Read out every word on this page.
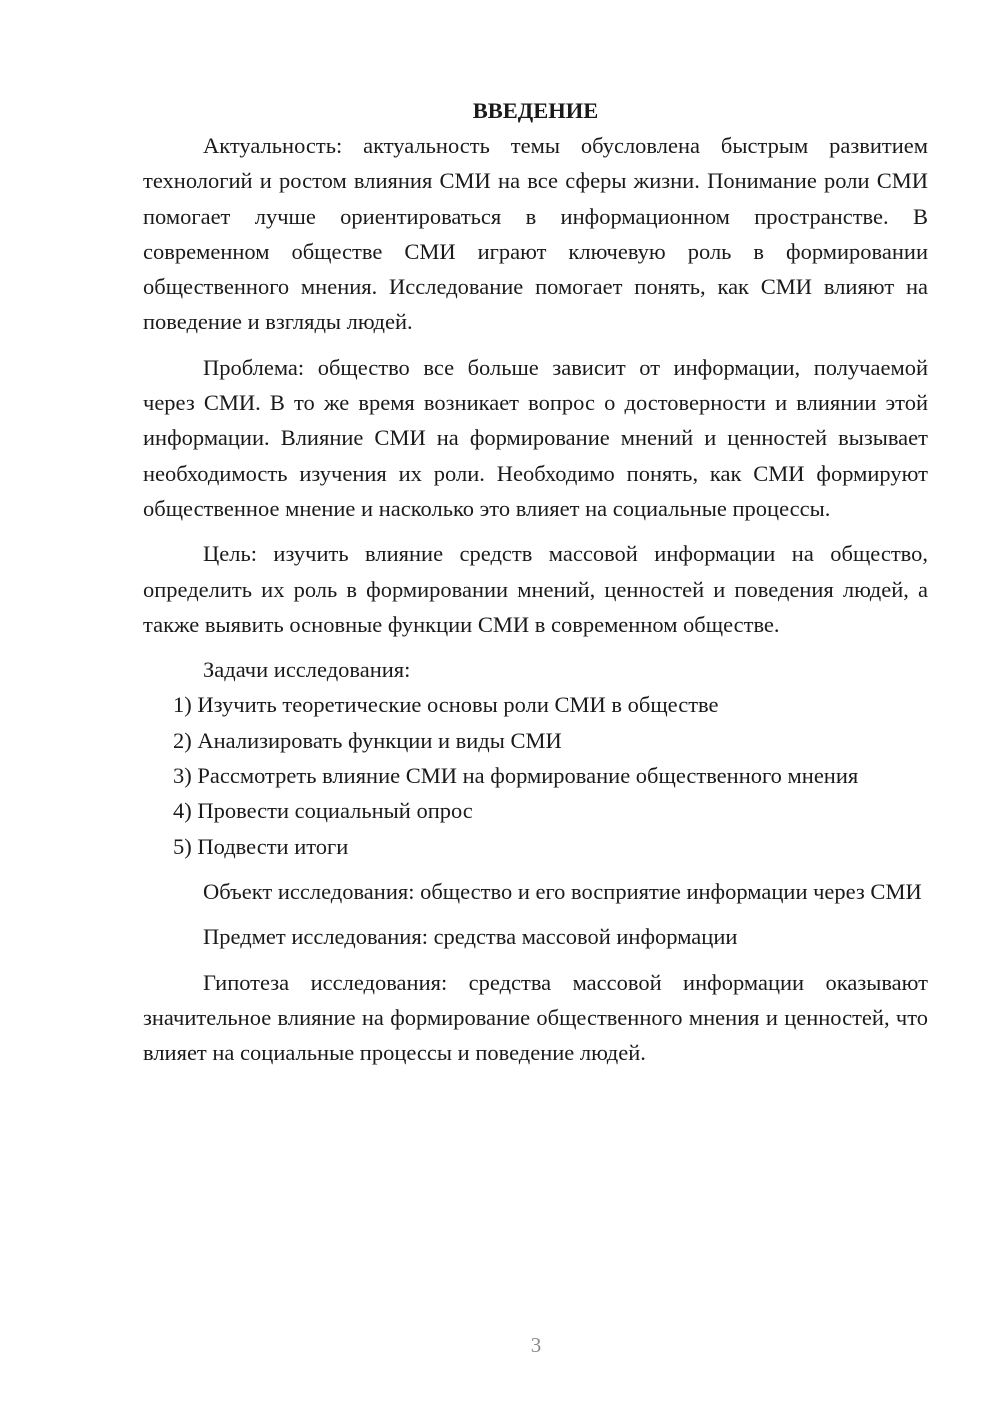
ВВЕДЕНИЕ

Актуальность: актуальность темы обусловлена быстрым развитием технологий и ростом влияния СМИ на все сферы жизни. Понимание роли СМИ помогает лучше ориентироваться в информационном пространстве. В современном обществе СМИ играют ключевую роль в формировании общественного мнения. Исследование помогает понять, как СМИ влияют на поведение и взгляды людей.

Проблема: общество все больше зависит от информации, получаемой через СМИ. В то же время возникает вопрос о достоверности и влиянии этой информации. Влияние СМИ на формирование мнений и ценностей вызывает необходимость изучения их роли. Необходимо понять, как СМИ формируют общественное мнение и насколько это влияет на социальные процессы.

Цель: изучить влияние средств массовой информации на общество, определить их роль в формировании мнений, ценностей и поведения людей, а также выявить основные функции СМИ в современном обществе.

Задачи исследования:

1) Изучить теоретические основы роли СМИ в обществе

2) Анализировать функции и виды СМИ

3) Рассмотреть влияние СМИ на формирование общественного мнения

4) Провести социальный опрос

5) Подвести итоги

Объект исследования: общество и его восприятие информации через СМИ

Предмет исследования: средства массовой информации

Гипотеза исследования: средства массовой информации оказывают значительное влияние на формирование общественного мнения и ценностей, что влияет на социальные процессы и поведение людей.

3
